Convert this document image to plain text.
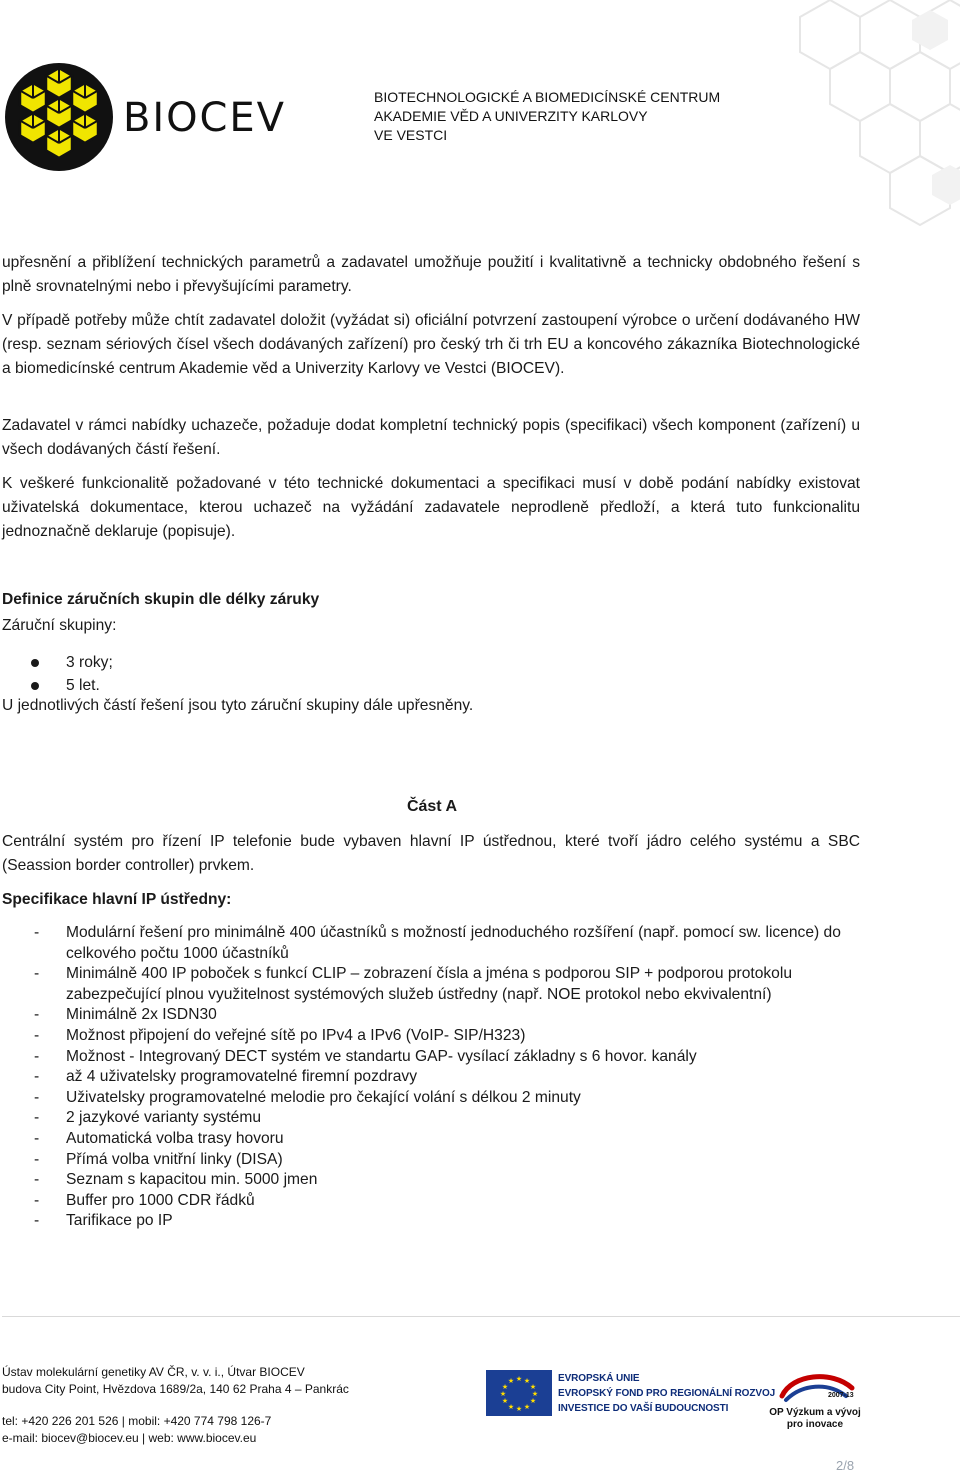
BIOCEV	BIOTECHNOLOGICKÉ A BIOMEDICÍNSKÉ CENTRUM
AKADEMIE VĚD A UNIVERZITY KARLOVY
VE VESTCI
upřesnění a přiblížení technických parametrů a zadavatel umožňuje použití i kvalitativně a technicky obdobného řešení s plně srovnatelnými nebo i převyšujícími parametry.
V případě potřeby může chtít zadavatel doložit (vyžádat si) oficiální potvrzení zastoupení výrobce o určení dodávaného HW (resp. seznam sériových čísel všech dodávaných zařízení) pro český trh či trh EU a koncového zákazníka Biotechnologické a biomedicínské centrum Akademie věd a Univerzity Karlovy ve Vestci (BIOCEV).
Zadavatel v rámci nabídky uchazeče, požaduje dodat kompletní technický popis (specifikaci) všech komponent (zařízení) u všech dodávaných částí řešení.
K veškeré funkcionalitě požadované v této technické dokumentaci a specifikaci musí v době podání nabídky existovat uživatelská dokumentace, kterou uchazeč na vyžádání zadavatele neprodleně předloží, a která tuto funkcionalitu jednoznačně deklaruje (popisuje).
Definice záručních skupin dle délky záruky
Záruční skupiny:
3 roky;
5 let.
U jednotlivých částí řešení jsou tyto záruční skupiny dále upřesněny.
Část A
Centrální systém pro řízení IP telefonie bude vybaven hlavní IP ústřednou, které tvoří jádro celého systému a SBC (Seassion border controller) prvkem.
Specifikace hlavní IP ústředny:
- Modulární řešení pro minimálně 400 účastníků s možností jednoduchého rozšíření (např. pomocí sw. licence) do celkového počtu 1000 účastníků
- Minimálně 400 IP poboček s funkcí CLIP – zobrazení čísla a jména s podporou SIP + podporou protokolu zabezpečující plnou využitelnost systémových služeb ústředny (např. NOE protokol nebo ekvivalentní)
- Minimálně 2x ISDN30
- Možnost připojení do veřejné sítě po IPv4 a IPv6 (VoIP- SIP/H323)
- Možnost - Integrovaný DECT systém ve standartu GAP- vysílací základny s 6 hovor. kanály
- až 4 uživatelsky programovatelné firemní pozdravy
- Uživatelsky programovatelné melodie pro čekající volání s délkou 2 minuty
- 2 jazykové varianty systému
- Automatická volba trasy hovoru
- Přímá volba vnitřní linky (DISA)
- Seznam s kapacitou min. 5000 jmen
- Buffer pro 1000 CDR řádků
- Tarifikace po IP
Ústav molekulární genetiky AV ČR, v. v. i., Útvar BIOCEV
budova City Point, Hvězdova 1689/2a, 140 62 Praha 4 – Pankrác
tel: +420 226 201 526 | mobil: +420 774 798 126-7
e-mail: biocev@biocev.eu | web: www.biocev.eu
★ ★
★
★
★
★
★
★
★
★
★
★	EVROPSKÁ UNIE
EVROPSKÝ FOND PRO REGIONÁLNÍ ROZVOJ
INVESTICE DO VAŠÍ BUDOUCNOSTI
2007-13
OP Výzkum a vývoj pro inovace
2/8
